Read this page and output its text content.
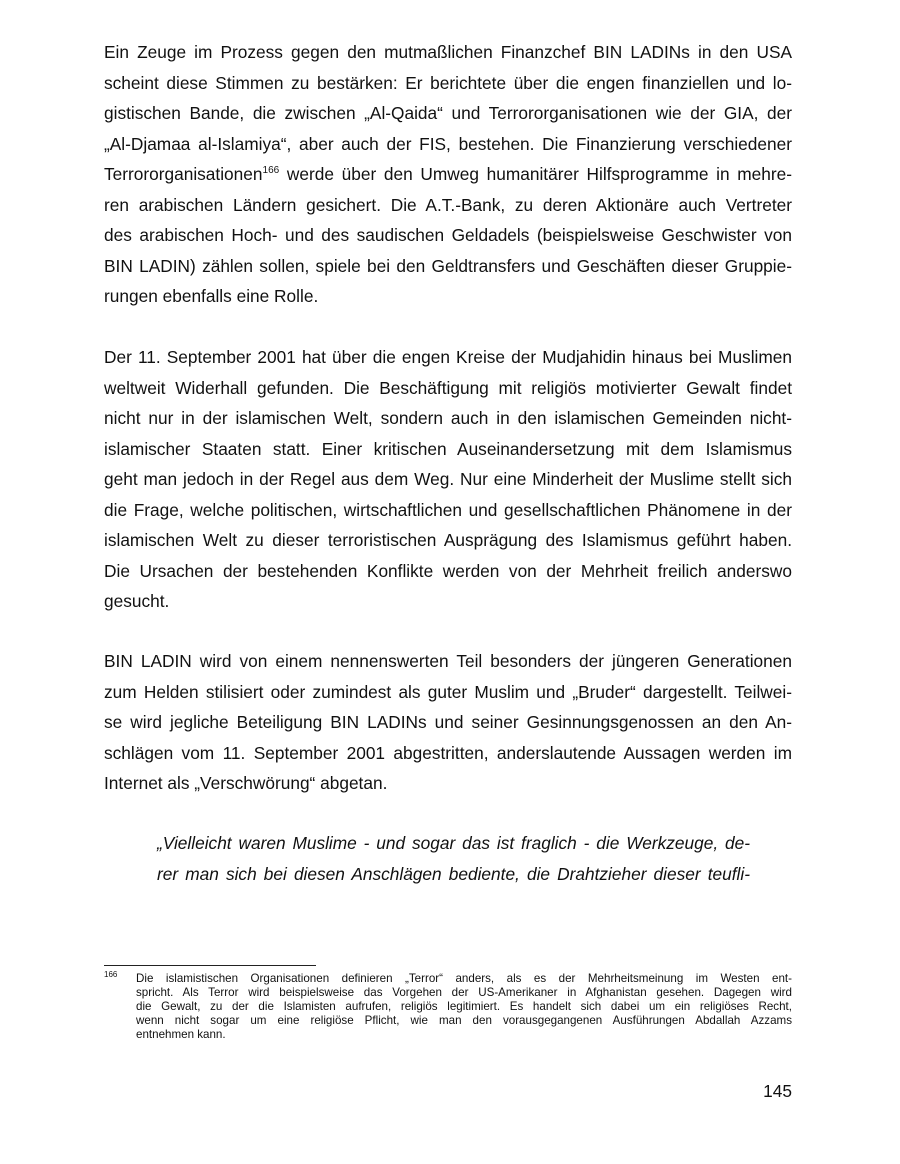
Ein Zeuge im Prozess gegen den mutmaßlichen Finanzchef BIN LADINs in den USA
scheint diese Stimmen zu bestärken: Er berichtete über die engen finanziellen und lo-
gistischen Bande, die zwischen „Al-Qaida“ und Terrororganisationen wie der GIA, der
„Al-Djamaa al-Islamiya“, aber auch der FIS, bestehen. Die Finanzierung verschiedener
Terrororganisationen$^{166}$ werde über den Umweg humanitärer Hilfsprogramme in mehre-
ren arabischen Ländern gesichert. Die A.T.-Bank, zu deren Aktionäre auch Vertreter
des arabischen Hoch- und des saudischen Geldadels (beispielsweise Geschwister von
BIN LADIN) zählen sollen, spiele bei den Geldtransfers und Geschäften dieser Gruppie-
rungen ebenfalls eine Rolle.
Der 11. September 2001 hat über die engen Kreise der Mudjahidin hinaus bei Muslimen
weltweit Widerhall gefunden. Die Beschäftigung mit religiös motivierter Gewalt findet
nicht nur in der islamischen Welt, sondern auch in den islamischen Gemeinden nicht-
islamischer Staaten statt. Einer kritischen Auseinandersetzung mit dem Islamismus
geht man jedoch in der Regel aus dem Weg. Nur eine Minderheit der Muslime stellt sich
die Frage, welche politischen, wirtschaftlichen und gesellschaftlichen Phänomene in der
islamischen Welt zu dieser terroristischen Ausprägung des Islamismus geführt haben.
Die Ursachen der bestehenden Konflikte werden von der Mehrheit freilich anderswo
gesucht.
BIN LADIN wird von einem nennenswerten Teil besonders der jüngeren Generationen
zum Helden stilisiert oder zumindest als guter Muslim und „Bruder“ dargestellt. Teilwei-
se wird jegliche Beteiligung BIN LADINs und seiner Gesinnungsgenossen an den An-
schlägen vom 11. September 2001 abgestritten, anderslautende Aussagen werden im
Internet als „Verschwörung“ abgetan.
„Vielleicht waren Muslime - und sogar das ist fraglich - die Werkzeuge, de-
rer man sich bei diesen Anschlägen bediente, die Drahtzieher dieser teufli-
166 Die islamistischen Organisationen definieren „Terror“ anders, als es der Mehrheitsmeinung im Westen ent-
spricht. Als Terror wird beispielsweise das Vorgehen der US-Amerikaner in Afghanistan gesehen. Dagegen wird
die Gewalt, zu der die Islamisten aufrufen, religiös legitimiert. Es handelt sich dabei um ein religiöses Recht,
wenn nicht sogar um eine religiöse Pflicht, wie man den vorausgegangenen Ausführungen Abdallah Azzams
entnehmen kann.
145
